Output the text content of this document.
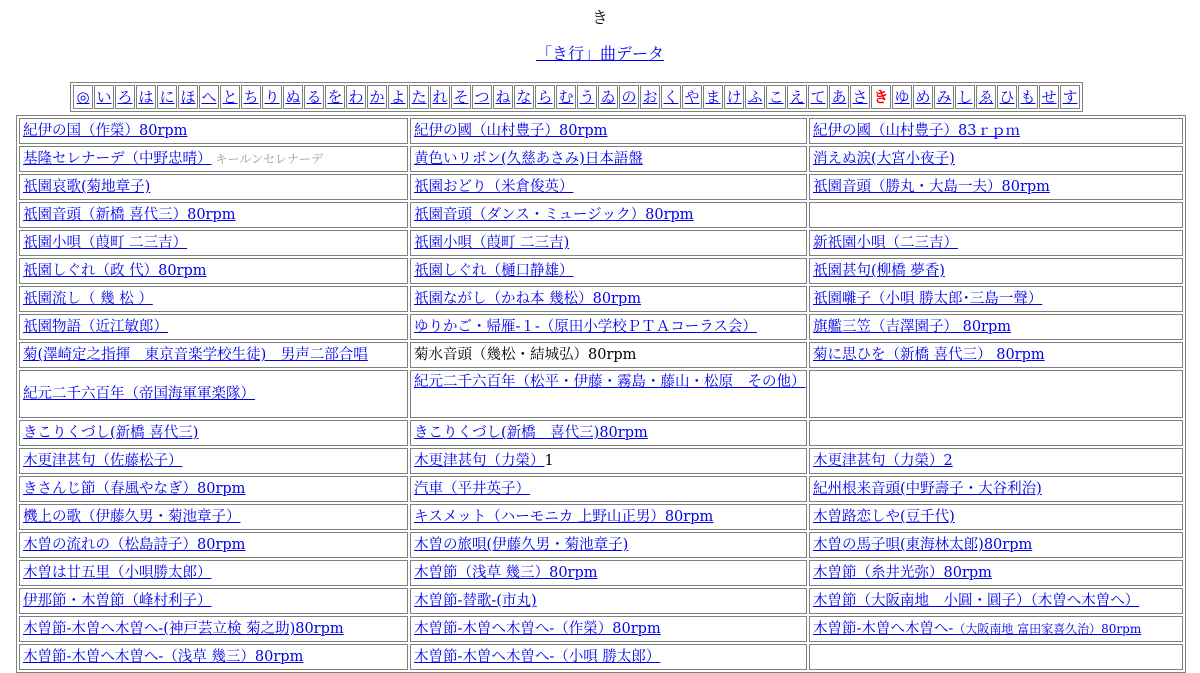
き
「き行」曲データ
◎ い ろ は に ほ へ と ち り ぬ る を わ か よ た れ そ つ ね な ら む う ゐ の お く や ま け ふ こ え て あ さ き ゆ め み し ゑ ひ も せ す
紀伊の国（作榮）80rpm	紀伊の國（山村豊子）80rpm	紀伊の國（山村豊子）83ｒｐｍ
基隆セレナーデ（中野忠晴） キールンセレナーデ	黄色いリボン(久慈あさみ)日本語盤	消えぬ涙(大宮小夜子)
祇園哀歌(菊地章子)	祇園おどり（米倉俊英）	祇園音頭（勝丸・大島一夫）80rpm
祇園音頭（新橋 喜代三）80rpm	祇園音頭（ダンス・ミュージック）80rpm	
祇園小唄（葭町 二三吉）	祇園小唄（葭町 二三吉)	新祇園小唄（二三吉）
祇園しぐれ（政 代）80rpm	祇園しぐれ（樋口静雄）	祇園甚句(柳橋 夢香)
祇園流し（ 幾 松 ）	祇園ながし（かね本 幾松）80rpm	祇園囃子（小唄 勝太郎･三島一聲）
祇園物語（近江敏郎）	ゆりかご・帰雁-１-（原田小学校ＰＴＡコーラス会）	旗艦三笠（吉澤園子） 80rpm
菊(澤崎定之指揮　東京音楽学校生徒)　男声二部合唱	菊水音頭（幾松・結城弘）80rpm	菊に思ひを（新橋 喜代三） 80rpm
紀元二千六百年（帝国海軍軍楽隊）	紀元二千六百年（松平・伊藤・霧島・藤山・松原　その他）	
きこりくづし(新橋 喜代三)	きこりくづし(新橋　喜代三)80rpm	
木更津甚句（佐藤松子）	木更津甚句（力榮）1	木更津甚句（力榮）2
きさんじ節（春風やなぎ）80rpm	汽車（平井英子）	紀州根来音頭(中野壽子・大谷利治)
機上の歌（伊藤久男・菊池章子）	キスメット（ハーモニカ 上野山正男）80rpm	木曽路恋しや(豆千代)
木曽の流れの（松島詩子）80rpm	木曽の旅唄(伊藤久男・菊池章子)	木曽の馬子唄(東海林太郎)80rpm
木曽は廿五里（小唄勝太郎）	木曽節（浅草 幾三）80rpm	木曽節（糸井光弥）80rpm
伊那節・木曽節（峰村利子）	木曽節-替歌-(市丸)	木曽節（大阪南地　小圓・圓子）（木曽へ木曽へ）
木曽節-木曽へ木曽へ-(神戸芸立検 菊之助)80rpm	木曽節-木曽へ木曽へ-（作榮）80rpm	木曽節-木曽へ木曽へ-（大阪南地 富田家喜久治）80rpm
木曽節-木曽へ木曽へ-（浅草 幾三）80rpm	木曽節-木曽へ木曽へ-（小唄 勝太郎）	
